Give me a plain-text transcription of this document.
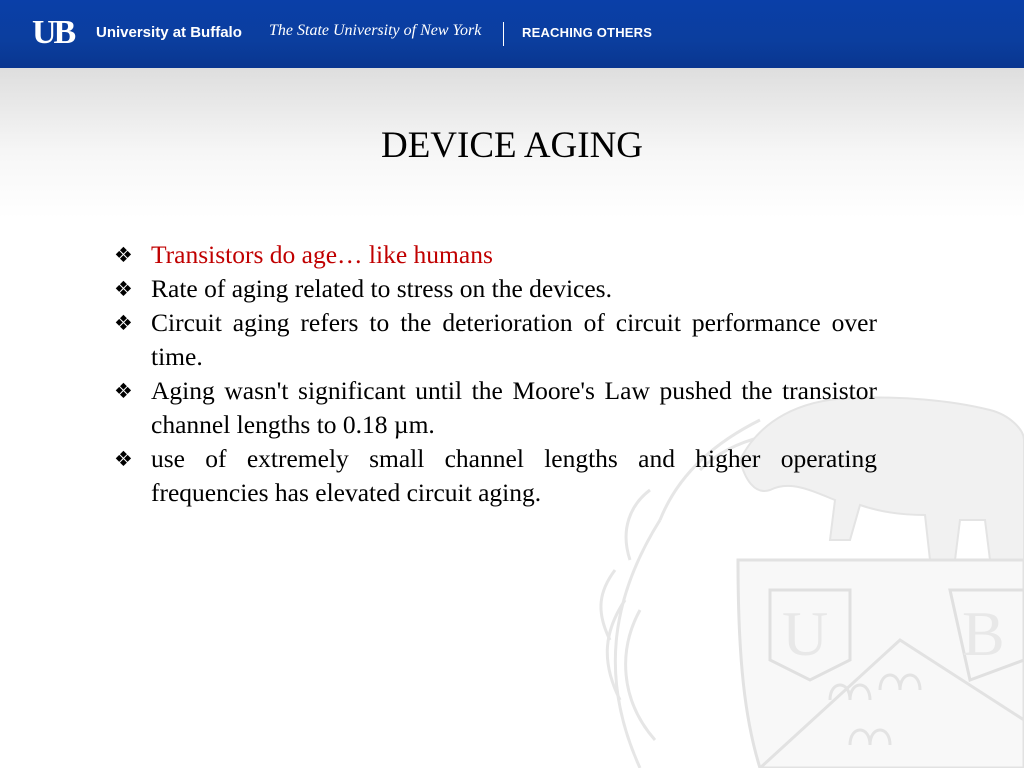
UB University at Buffalo The State University of New York	REACHING OTHERS
U B
DEVICE AGING
❖ Transistors do age… like humans
❖ Rate of aging related to stress on the devices.
❖ Circuit aging refers to the deterioration of circuit performance over time.
❖ Aging wasn't significant until the Moore's Law pushed the transistor channel lengths to 0.18 µm.
❖ use of extremely small channel lengths and higher operating frequencies has elevated circuit aging.
